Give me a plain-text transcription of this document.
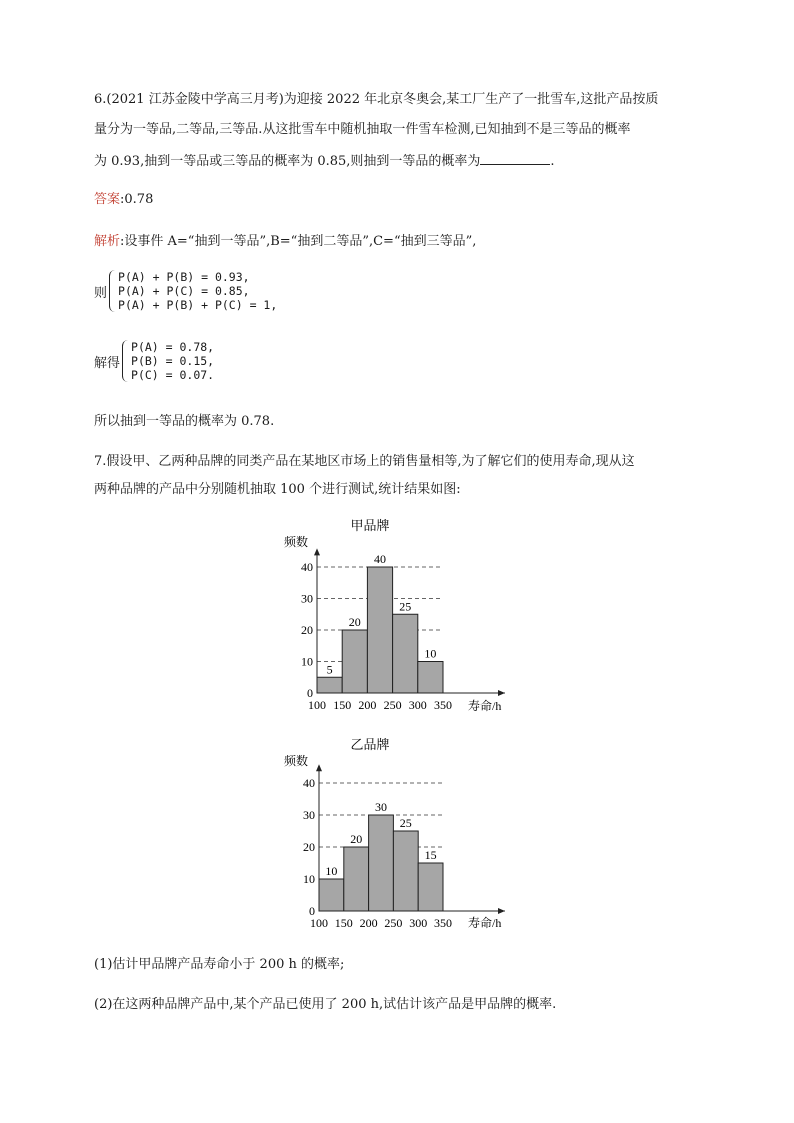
6.(2021 江苏金陵中学高三月考)为迎接 2022 年北京冬奥会,某工厂生产了一批雪车,这批产品按质
量分为一等品,二等品,三等品.从这批雪车中随机抽取一件雪车检测,已知抽到不是三等品的概率
为 0.93,抽到一等品或三等品的概率为 0.85,则抽到一等品的概率为	.
答案:0.78
解析:设事件 A=“抽到一等品”,B=“抽到二等品”,C=“抽到三等品”,
则
P(A) + P(B) = 0.93,
P(A) + P(C) = 0.85,
P(A) + P(B) + P(C) = 1,
解得
P(A) = 0.78,
P(B) = 0.15,
P(C) = 0.07.
所以抽到一等品的概率为 0.78.
7.假设甲、乙两种品牌的同类产品在某地区市场上的销售量相等,为了解它们的使用寿命,现从这
两种品牌的产品中分别随机抽取 100 个进行测试,统计结果如图:
甲品牌
频数
寿命/h
0
10
20
30
40
100 150 200 250 300 350
5
20
40
25
10
乙品牌
频数
寿命/h
0
10
20
30
40
100 150 200 250 300 350
10
20
30
25
15
(1)估计甲品牌产品寿命小于 200 h 的概率;
(2)在这两种品牌产品中,某个产品已使用了 200 h,试估计该产品是甲品牌的概率.
